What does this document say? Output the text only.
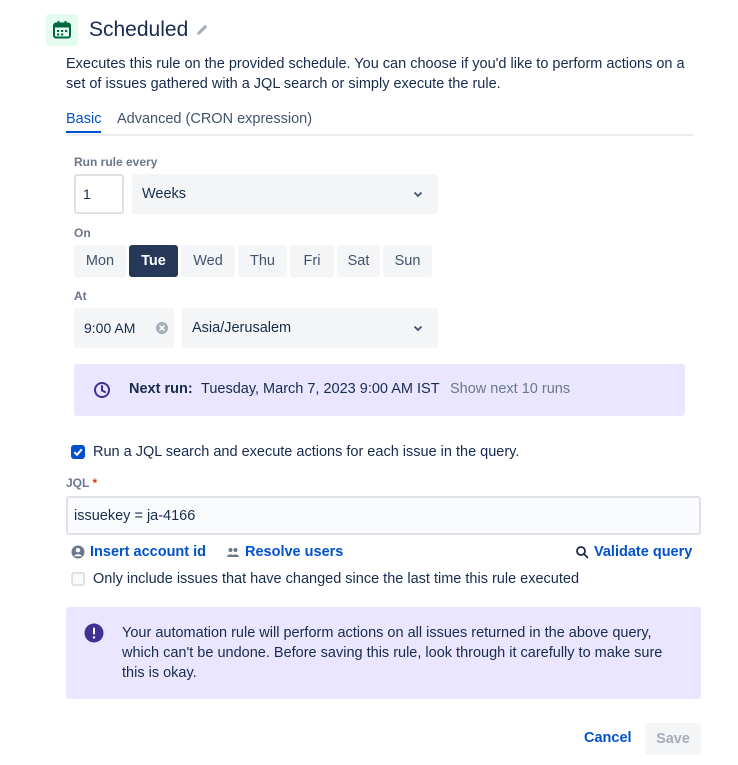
Scheduled
Executes this rule on the provided schedule. You can choose if you'd like to perform actions on a set of issues gathered with a JQL search or simply execute the rule.
Basic Advanced (CRON expression)
Run rule every
1	Weeks
On
Mon	Tue	Wed	Thu	Fri	Sat	Sun
At
9:00 AM	Asia/Jerusalem
Next run: Tuesday, March 7, 2023 9:00 AM IST Show next 10 runs
Run a JQL search and execute actions for each issue in the query.
JQL *
issuekey = ja-4166
Insert account id	Resolve users	Validate query
Only include issues that have changed since the last time this rule executed
Your automation rule will perform actions on all issues returned in the above query, which can't be undone. Before saving this rule, look through it carefully to make sure this is okay.
Cancel	Save
